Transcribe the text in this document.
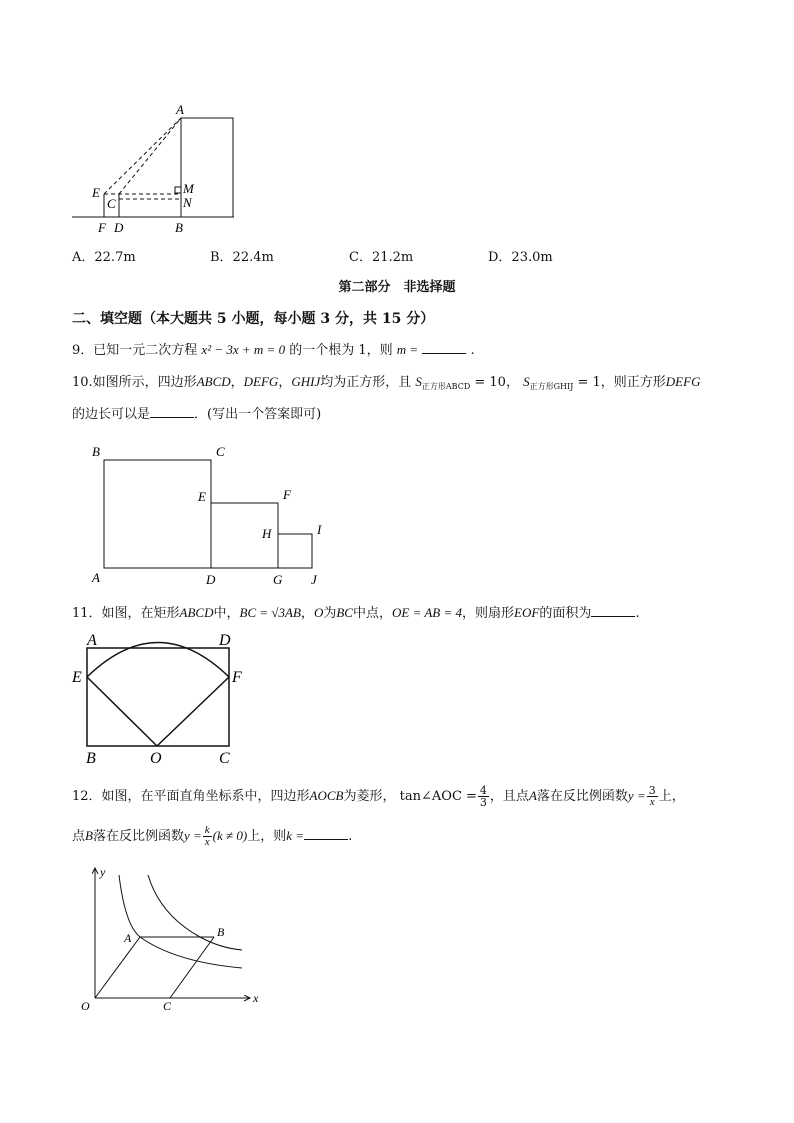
A
E
C
M
N
F D	B
A．22.7m	B．22.4m	C．21.2m	D．23.0m
第二部分　非选择题
二、填空题（本大题共 5 小题，每小题 3 分，共 15 分）
9．已知一元二次方程 x² − 3x + m = 0 的一个根为 1，则 m =	.
10.如图所示，四边形ABCD，DEFG，GHIJ均为正方形，且 $S_{正方形ABCD} = 10$， $S_{正方形GHIJ} = 1$，则正方形DEFG
的边长可以是	．(写出一个答案即可)
B	C
E	F
H	I
A	D	G J
11．如图，在矩形ABCD中，BC = √3AB，O为BC中点，OE = AB = 4，则扇形EOF的面积为	.
A	D
E	F
B	O	C
12．如图，在平面直角坐标系中，四边形AOCB为菱形， tan∠AOC = $\frac{4}{3}$ ，且点A落在反比例函数$y = \frac{3}{x}$ 上，
点B落在反比例函数$y = \frac{k}{x} (k \ne 0)$上，则k =	.
y
x
O
A	B
C
